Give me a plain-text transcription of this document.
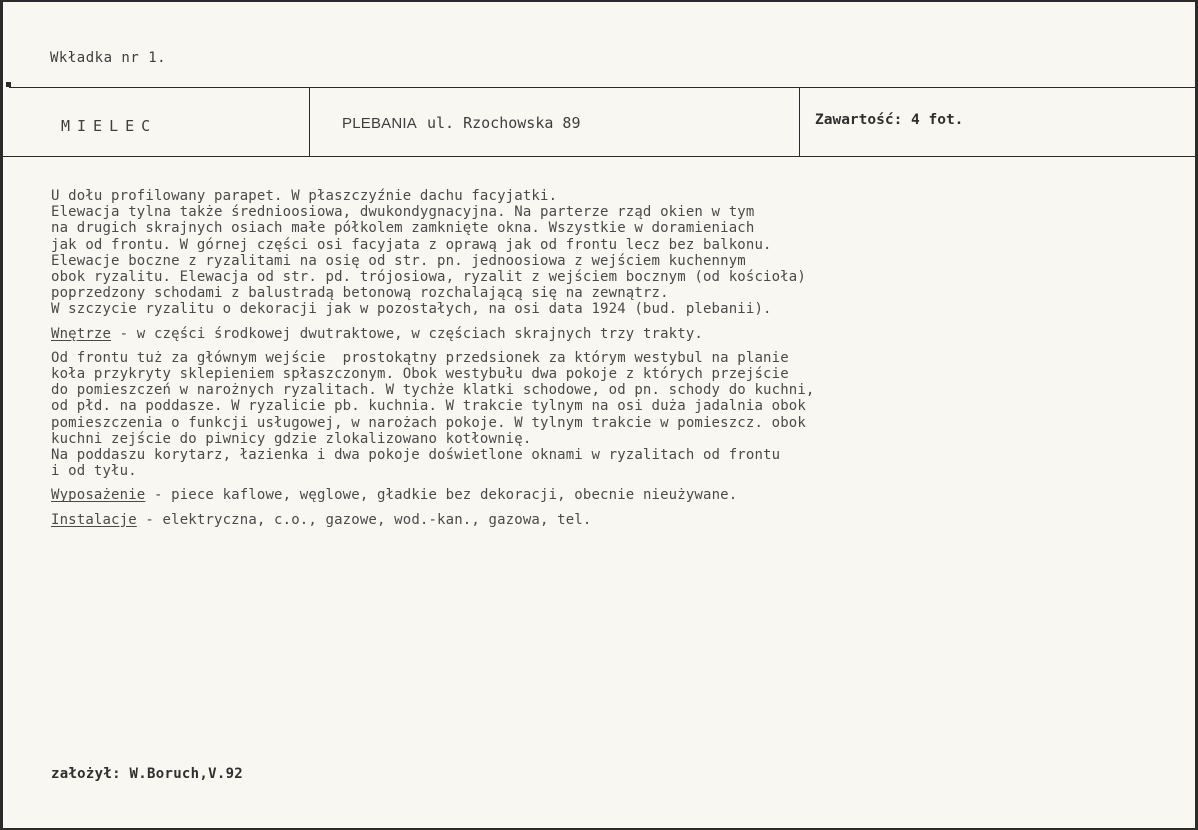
Wkładka nr 1.
MIELEC	PLEBANIA ul. Rzochowska 89	Zawartość: 4 fot.
U dołu profilowany parapet. W płaszczyźnie dachu facyjatki.
Elewacja tylna także średnioosiowa, dwukondygnacyjna. Na parterze rząd okien w tym
na drugich skrajnych osiach małe półkolem zamknięte okna. Wszystkie w doramieniach
jak od frontu. W górnej części osi facyjata z oprawą jak od frontu lecz bez balkonu.
Elewacje boczne z ryzalitami na osię od str. pn. jednoosiowa z wejściem kuchennym
obok ryzalitu. Elewacja od str. pd. trójosiowa, ryzalit z wejściem bocznym (od kościoła)
poprzedzony schodami z balustradą betonową rozchalającą się na zewnątrz.
W szczycie ryzalitu o dekoracji jak w pozostałych, na osi data 1924 (bud. plebanii).
Wnętrze - w części środkowej dwutraktowe, w częściach skrajnych trzy trakty.
Od frontu tuż za głównym wejście  prostokątny przedsionek za którym westybul na planie
koła przykryty sklepieniem spłaszczonym. Obok westybułu dwa pokoje z których przejście
do pomieszczeń w narożnych ryzalitach. W tychże klatki schodowe, od pn. schody do kuchni,
od płd. na poddasze. W ryzalicie pb. kuchnia. W trakcie tylnym na osi duża jadalnia obok
pomieszczenia o funkcji usługowej, w narożach pokoje. W tylnym trakcie w pomieszcz. obok
kuchni zejście do piwnicy gdzie zlokalizowano kotłownię.
Na poddaszu korytarz, łazienka i dwa pokoje doświetlone oknami w ryzalitach od frontu
i od tyłu.
Wyposażenie - piece kaflowe, węglowe, gładkie bez dekoracji, obecnie nieużywane.
Instalacje - elektryczna, c.o., gazowe, wod.-kan., gazowa, tel.
założył: W.Boruch,V.92
